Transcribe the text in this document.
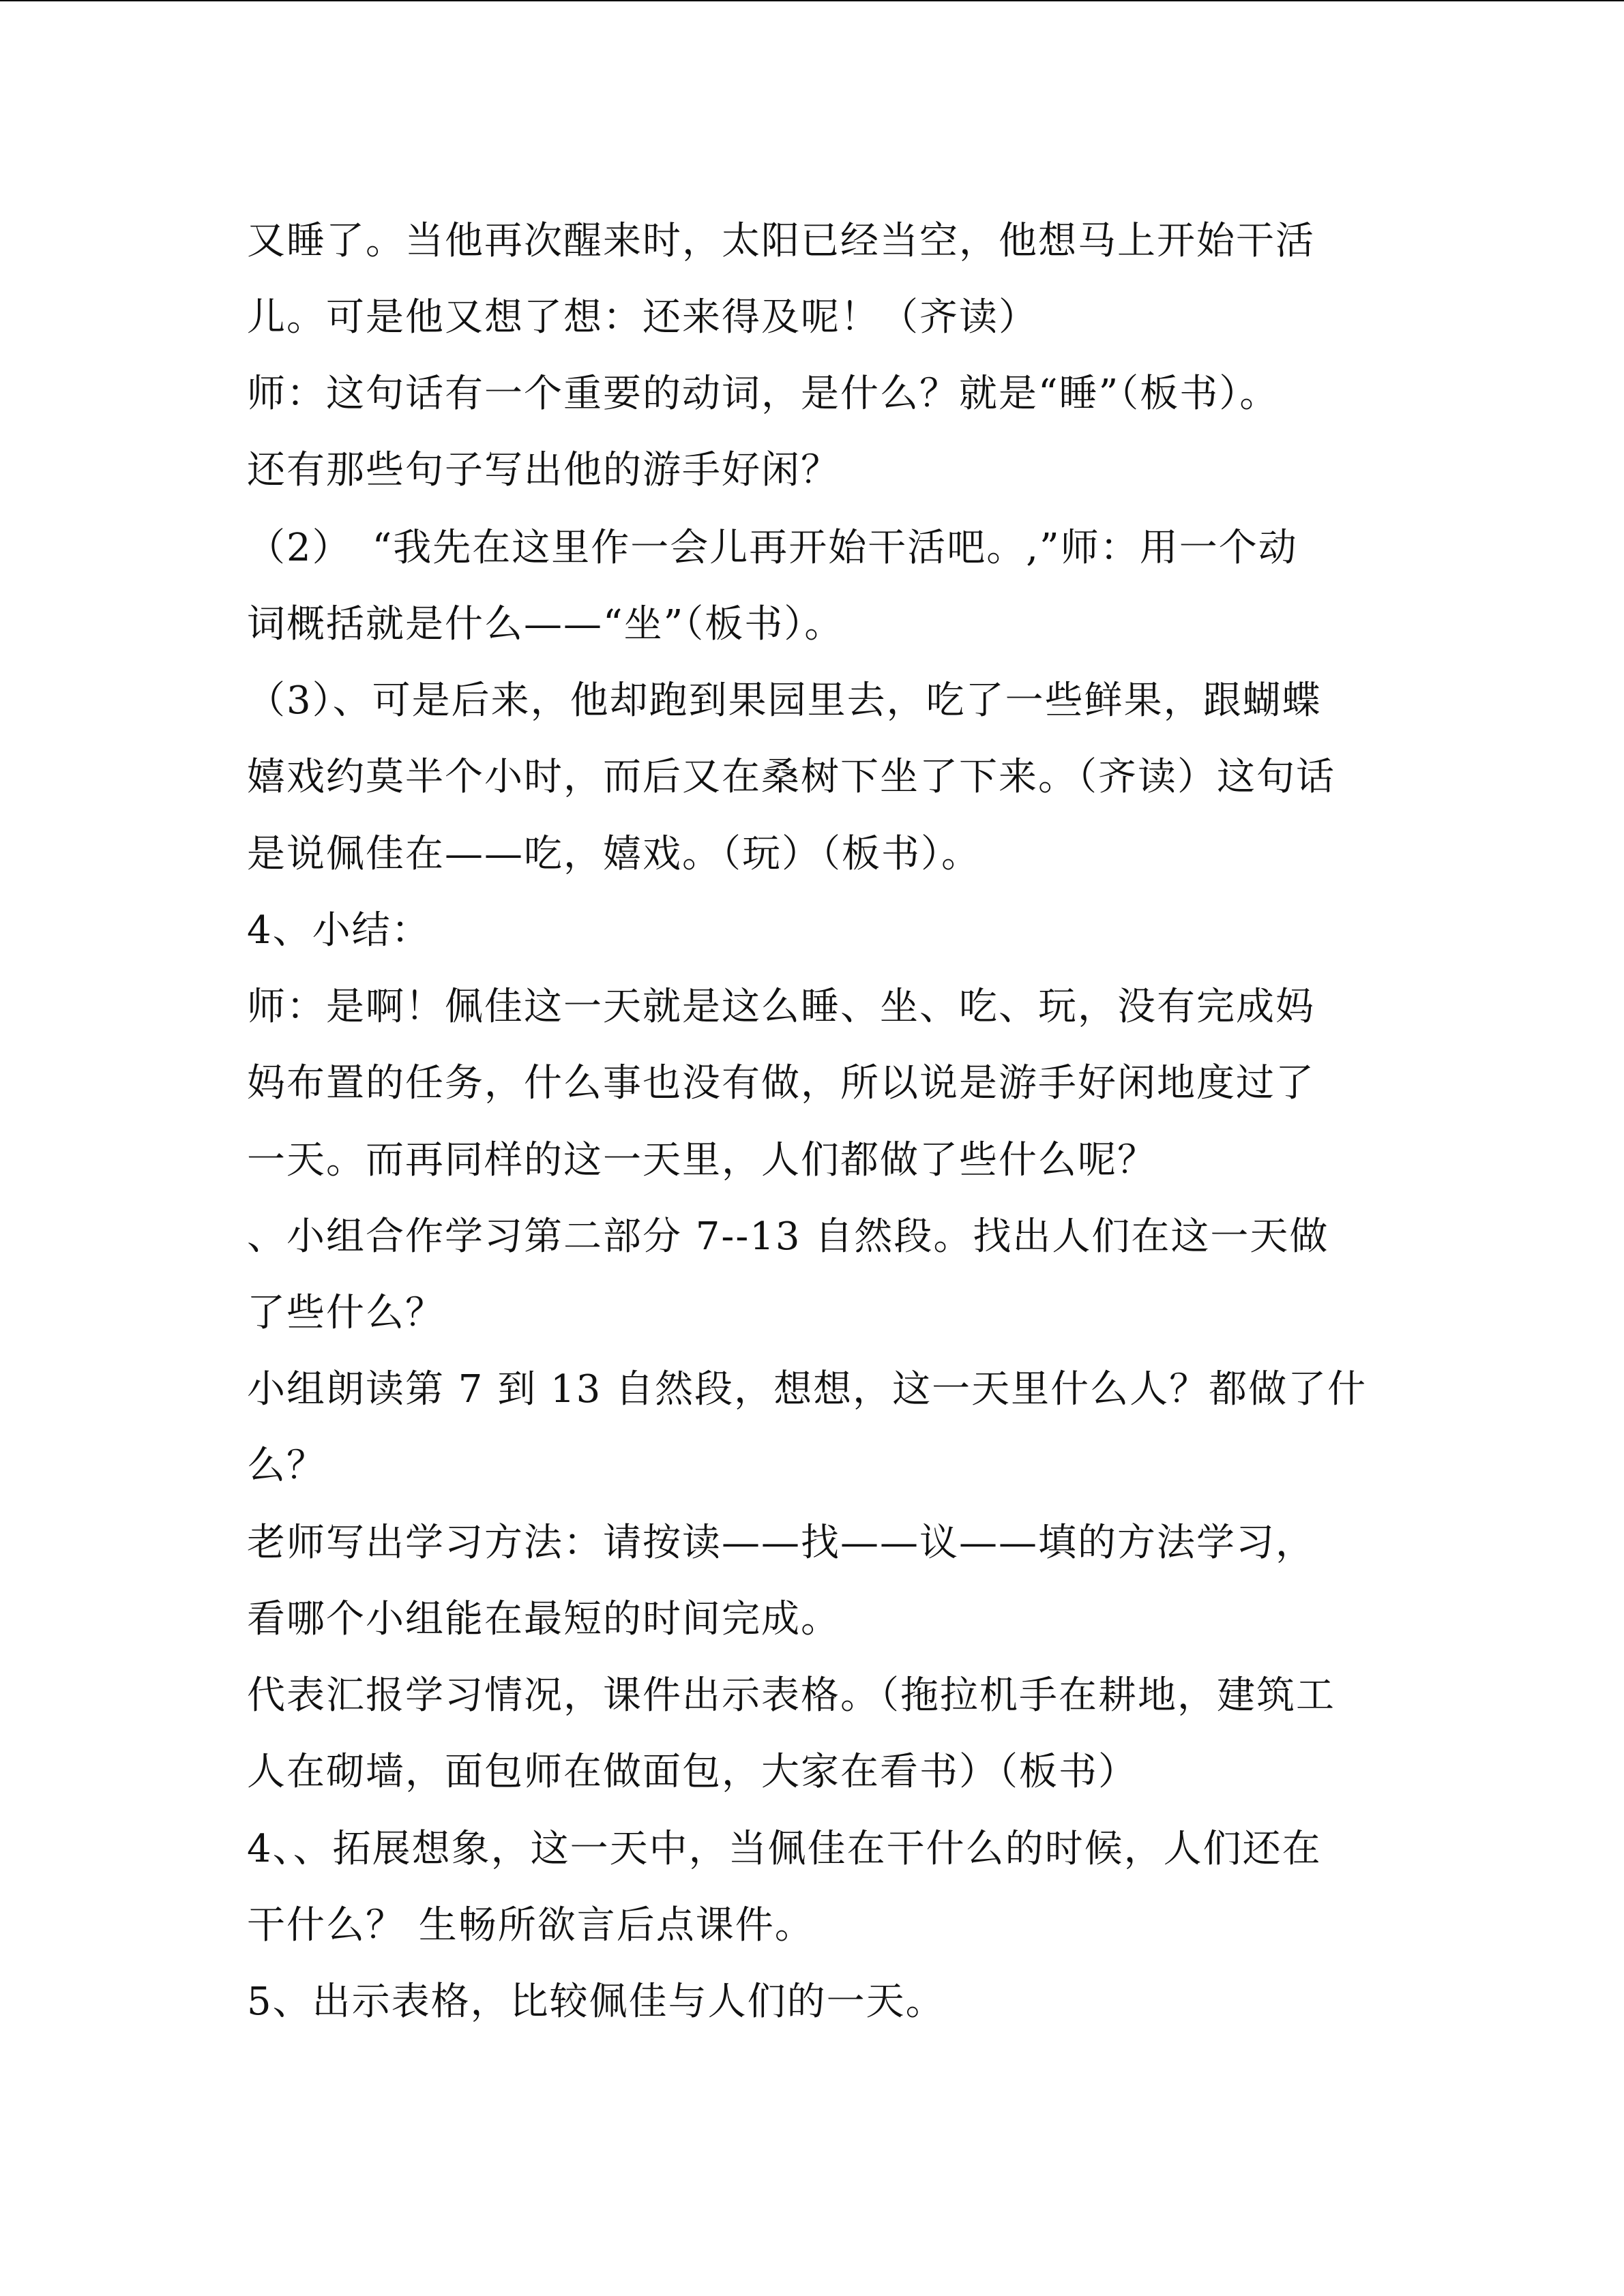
又睡了。当他再次醒来时，太阳已经当空，他想马上开始干活
儿。可是他又想了想：还来得及呢！（齐读）
师：这句话有一个重要的动词，是什么？就是“睡”（板书）。
还有那些句子写出他的游手好闲？
（2）　“我先在这里作一会儿再开始干活吧。,”师：用一个动
词概括就是什么——“坐”（板书）。
（3）、可是后来，他却跑到果园里去，吃了一些鲜果，跟蝴蝶
嬉戏约莫半个小时，而后又在桑树下坐了下来。（齐读）这句话
是说佩佳在——吃，嬉戏。（玩）（板书）。
4、小结：
师：是啊！佩佳这一天就是这么睡、坐、吃、玩，没有完成妈
妈布置的任务，什么事也没有做，所以说是游手好闲地度过了
一天。而再同样的这一天里，人们都做了些什么呢？
、小组合作学习第二部分 7--13 自然段。找出人们在这一天做
了些什么？
小组朗读第 7 到 13 自然段，想想，这一天里什么人？都做了什
么？
老师写出学习方法：请按读——找——议——填的方法学习，
看哪个小组能在最短的时间完成。
代表汇报学习情况，课件出示表格。（拖拉机手在耕地，建筑工
人在砌墙，面包师在做面包，大家在看书）（板书）
4、、拓展想象，这一天中，当佩佳在干什么的时候，人们还在
干什么？ 生畅所欲言后点课件。
5、出示表格，比较佩佳与人们的一天。
